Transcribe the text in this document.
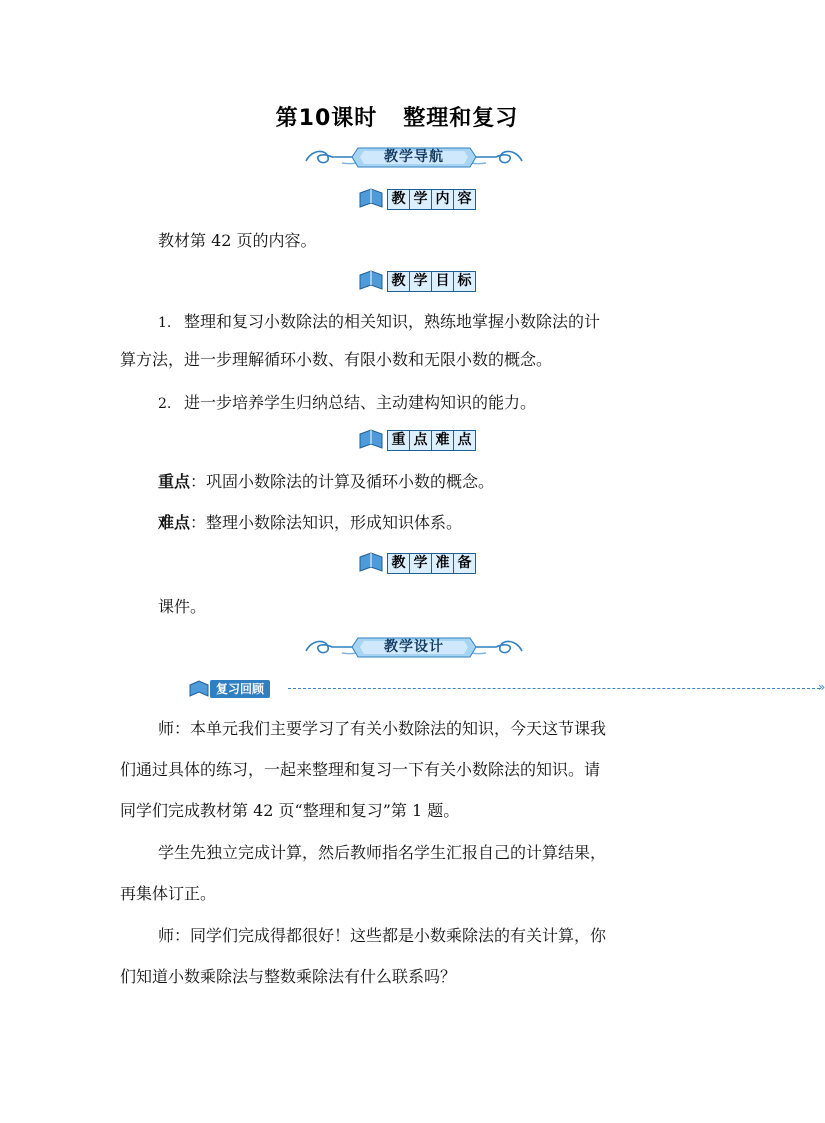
第10课时 整理和复习
教学导航
教 学 内 容
教材第 42 页的内容。
教 学 目 标
1. 整理和复习小数除法的相关知识，熟练地掌握小数除法的计
算方法，进一步理解循环小数、有限小数和无限小数的概念。
2. 进一步培养学生归纳总结、主动建构知识的能力。
重 点 难 点
重点：巩固小数除法的计算及循环小数的概念。
难点：整理小数除法知识，形成知识体系。
教 学 准 备
课件。
教学设计
复习回顾	»
师：本单元我们主要学习了有关小数除法的知识，今天这节课我
们通过具体的练习，一起来整理和复习一下有关小数除法的知识。请
同学们完成教材第 42 页“整理和复习”第 1 题。
学生先独立完成计算，然后教师指名学生汇报自己的计算结果，
再集体订正。
师：同学们完成得都很好！这些都是小数乘除法的有关计算，你
们知道小数乘除法与整数乘除法有什么联系吗？
